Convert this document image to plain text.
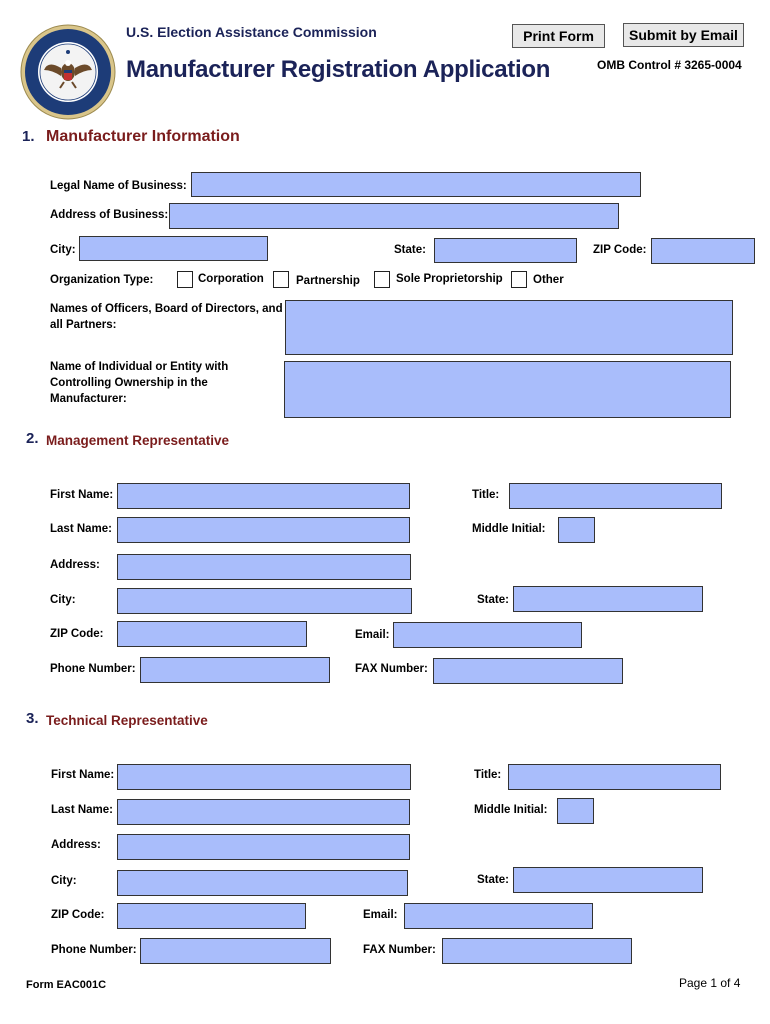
U.S. Election Assistance Commission
Manufacturer Registration Application
Print Form	Submit by Email
OMB Control # 3265-0004
1. Manufacturer Information
Legal Name of Business:
Address of Business:
City:	State:	ZIP Code:
Organization Type:	Corporation	Partnership	Sole Proprietorship	Other
Names of Officers, Board of Directors, and all Partners:
Name of Individual or Entity with Controlling Ownership in the Manufacturer:
2. Management Representative
First Name:	Title:
Last Name:	Middle Initial:
Address:
City:	State:
ZIP Code:	Email:
Phone Number:	FAX Number:
3. Technical Representative
First Name:	Title:
Last Name:	Middle Initial:
Address:
City:	State:
ZIP Code:	Email:
Phone Number:	FAX Number:
Form EAC001C	Page 1 of 4
